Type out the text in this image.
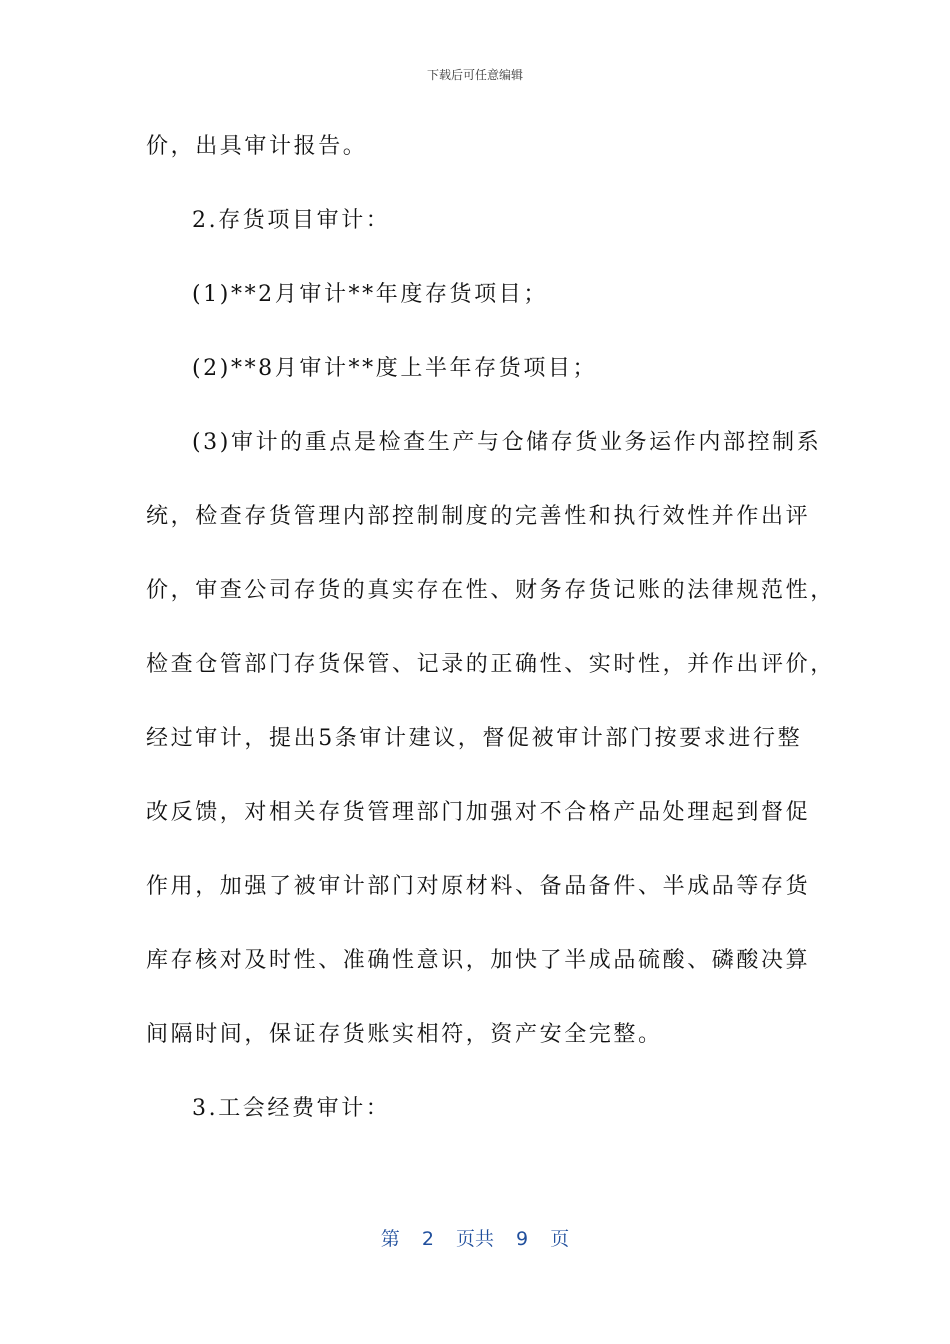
下载后可任意编辑
价，出具审计报告。
2.存货项目审计：
(1)**2月审计**年度存货项目；
(2)**8月审计**度上半年存货项目；
(3)审计的重点是检查生产与仓储存货业务运作内部控制系
统，检查存货管理内部控制制度的完善性和执行效性并作出评
价，审查公司存货的真实存在性、财务存货记账的法律规范性，
检查仓管部门存货保管、记录的正确性、实时性，并作出评价，
经过审计，提出5条审计建议，督促被审计部门按要求进行整
改反馈，对相关存货管理部门加强对不合格产品处理起到督促
作用，加强了被审计部门对原材料、备品备件、半成品等存货
库存核对及时性、准确性意识，加快了半成品硫酸、磷酸决算
间隔时间，保证存货账实相符，资产安全完整。
3.工会经费审计：
第 2 页共 9 页
